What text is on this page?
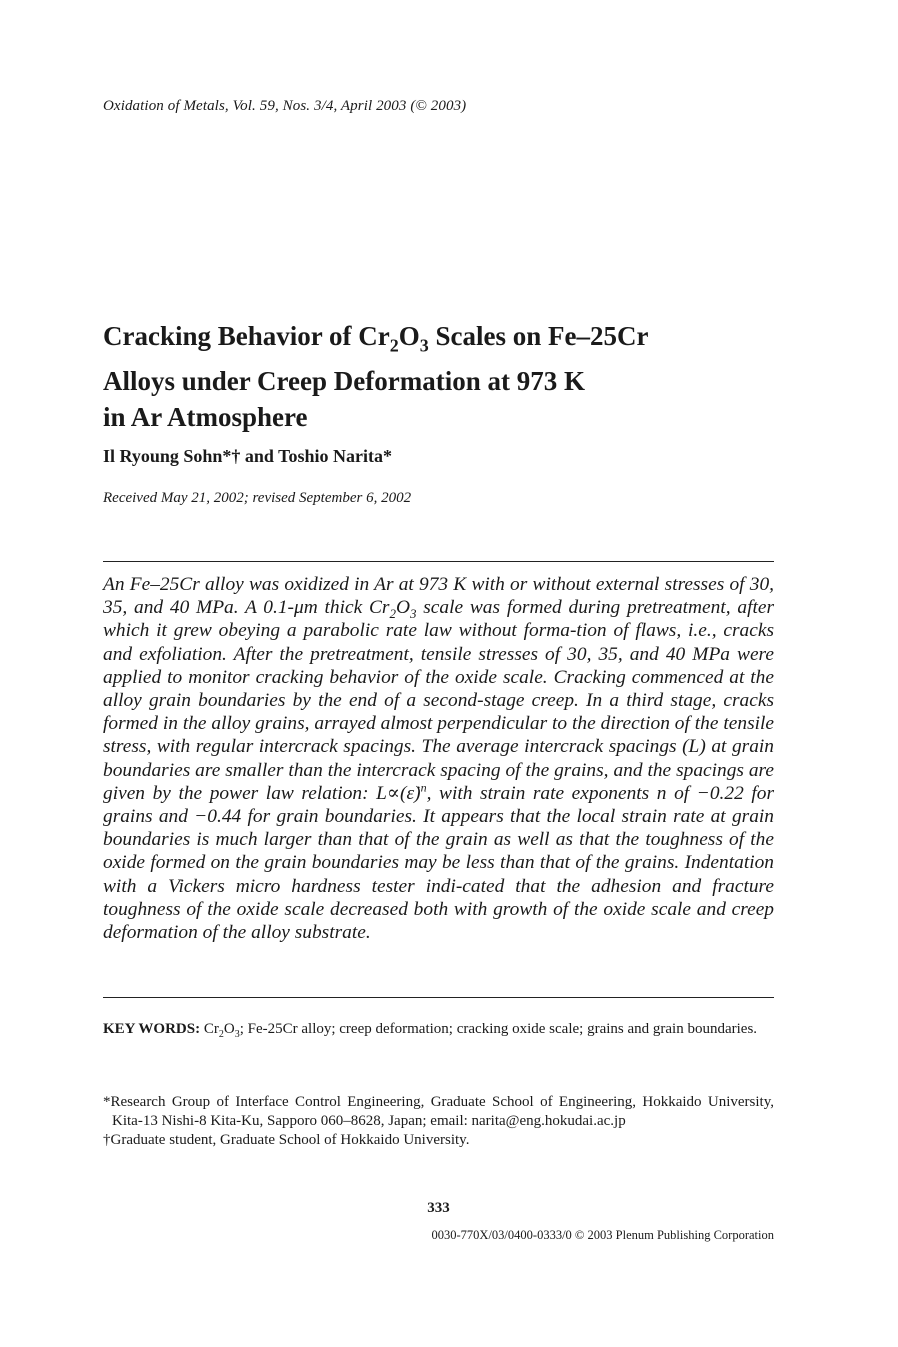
Oxidation of Metals, Vol. 59, Nos. 3/4, April 2003 (© 2003)
Cracking Behavior of $Cr_2O_3$ Scales on Fe–25Cr
Alloys under Creep Deformation at 973 K
in Ar Atmosphere
Il Ryoung Sohn*† and Toshio Narita*
Received May 21, 2002; revised September 6, 2002

An Fe–25Cr alloy was oxidized in Ar at 973 K with or without external stresses of 30, 35, and 40 MPa. A 0.1-μm thick $Cr_2O_3$ scale was formed during pretreatment, after which it grew obeying a parabolic rate law without forma-tion of flaws, i.e., cracks and exfoliation. After the pretreatment, tensile stresses of 30, 35, and 40 MPa were applied to monitor cracking behavior of the oxide scale. Cracking commenced at the alloy grain boundaries by the end of a second-stage creep. In a third stage, cracks formed in the alloy grains, arrayed almost perpendicular to the direction of the tensile stress, with regular intercrack spacings. The average intercrack spacings (L) at grain boundaries are smaller than the intercrack spacing of the grains, and the spacings are given by the power law relation: L∝(ε̇)$^n$, with strain rate exponents n of −0.22 for grains and −0.44 for grain boundaries. It appears that the local strain rate at grain boundaries is much larger than that of the grain as well as that the toughness of the oxide formed on the grain boundaries may be less than that of the grains. Indentation with a Vickers micro hardness tester indi-cated that the adhesion and fracture toughness of the oxide scale decreased both with growth of the oxide scale and creep deformation of the alloy substrate.

KEY WORDS: $Cr_2O_3$; Fe-25Cr alloy; creep deformation; cracking oxide scale; grains and grain boundaries.

*Research Group of Interface Control Engineering, Graduate School of Engineering, Hokkaido University, Kita-13 Nishi-8 Kita-Ku, Sapporo 060–8628, Japan; email: narita@eng.hokudai.ac.jp

†Graduate student, Graduate School of Hokkaido University.

333
0030-770X/03/0400-0333/0 © 2003 Plenum Publishing Corporation
